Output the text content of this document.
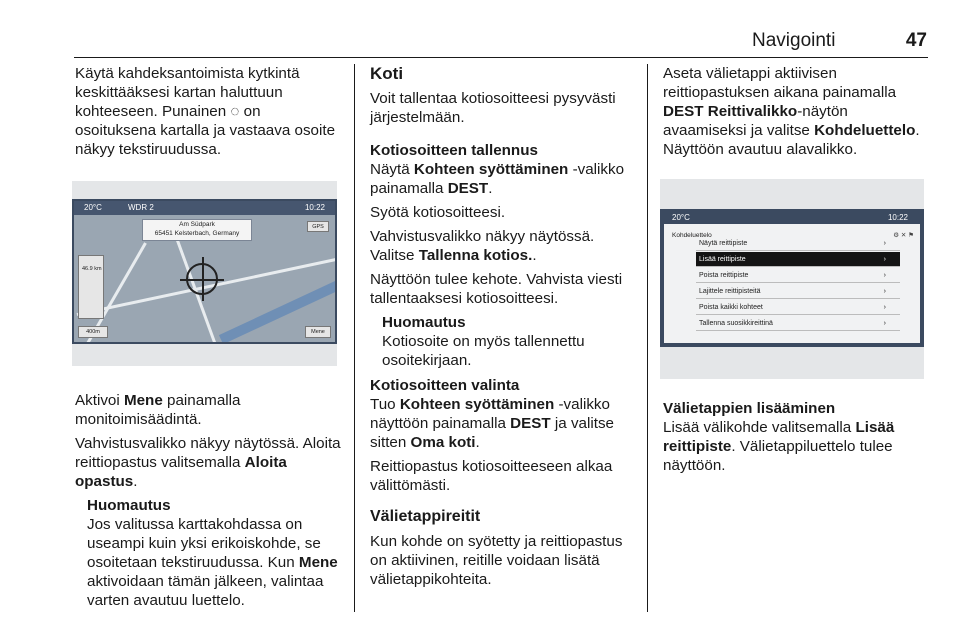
Navigointi	47

Käytä kahdeksantoimista kytkintä keskittääksesi kartan haluttuun kohteeseen. Punainen ◌ on osoituksena kartalla ja vastaava osoite näkyy tekstiruudussa.

20°C	WDR 2	10:22
Am Südpark
65451 Kelsterbach, Germany
GPS
46.9 km
400m	Mene

Aktivoi Mene painamalla monitoimisäädintä.

Vahvistusvalikko näkyy näytössä. Aloita reittiopastus valitsemalla Aloita opastus.

Huomautus
Jos valitussa karttakohdassa on useampi kuin yksi erikoiskohde, se osoitetaan tekstiruudussa. Kun Mene aktivoidaan tämän jälkeen, valintaa varten avautuu luettelo.
Koti

Voit tallentaa kotiosoitteesi pysyvästi järjestelmään.

Kotiosoitteen tallennus

Näytä Kohteen syöttäminen -valikko painamalla DEST.

Syötä kotiosoitteesi.

Vahvistusvalikko näkyy näytössä. Valitse Tallenna kotios..

Näyttöön tulee kehote. Vahvista viesti tallentaaksesi kotiosoitteesi.

Huomautus
Kotiosoite on myös tallennettu osoitekirjaan.
Kotiosoitteen valinta

Tuo Kohteen syöttäminen -valikko näyttöön painamalla DEST ja valitse sitten Oma koti.

Reittiopastus kotiosoitteeseen alkaa välittömästi.

Välietappireitit

Kun kohde on syötetty ja reittiopastus on aktiivinen, reitille voidaan lisätä välietappikohteita.

Aseta välietappi aktiivisen reittiopastuksen aikana painamalla DEST Reittivalikko-näytön avaamiseksi ja valitse Kohdeluettelo. Näyttöön avautuu alavalikko.

20°C	10:22
Kohdeluettelo	⚙ ✕ ⚑
Näytä reittipiste	›
Lisää reittipiste	›
Poista reittipiste	›
Lajittele reittipisteitä	›
Poista kaikki kohteet	›
Tallenna suosikkireittinä	›
Välietappien lisääminen

Lisää välikohde valitsemalla Lisää reittipiste. Välietappiluettelo tulee näyttöön.
